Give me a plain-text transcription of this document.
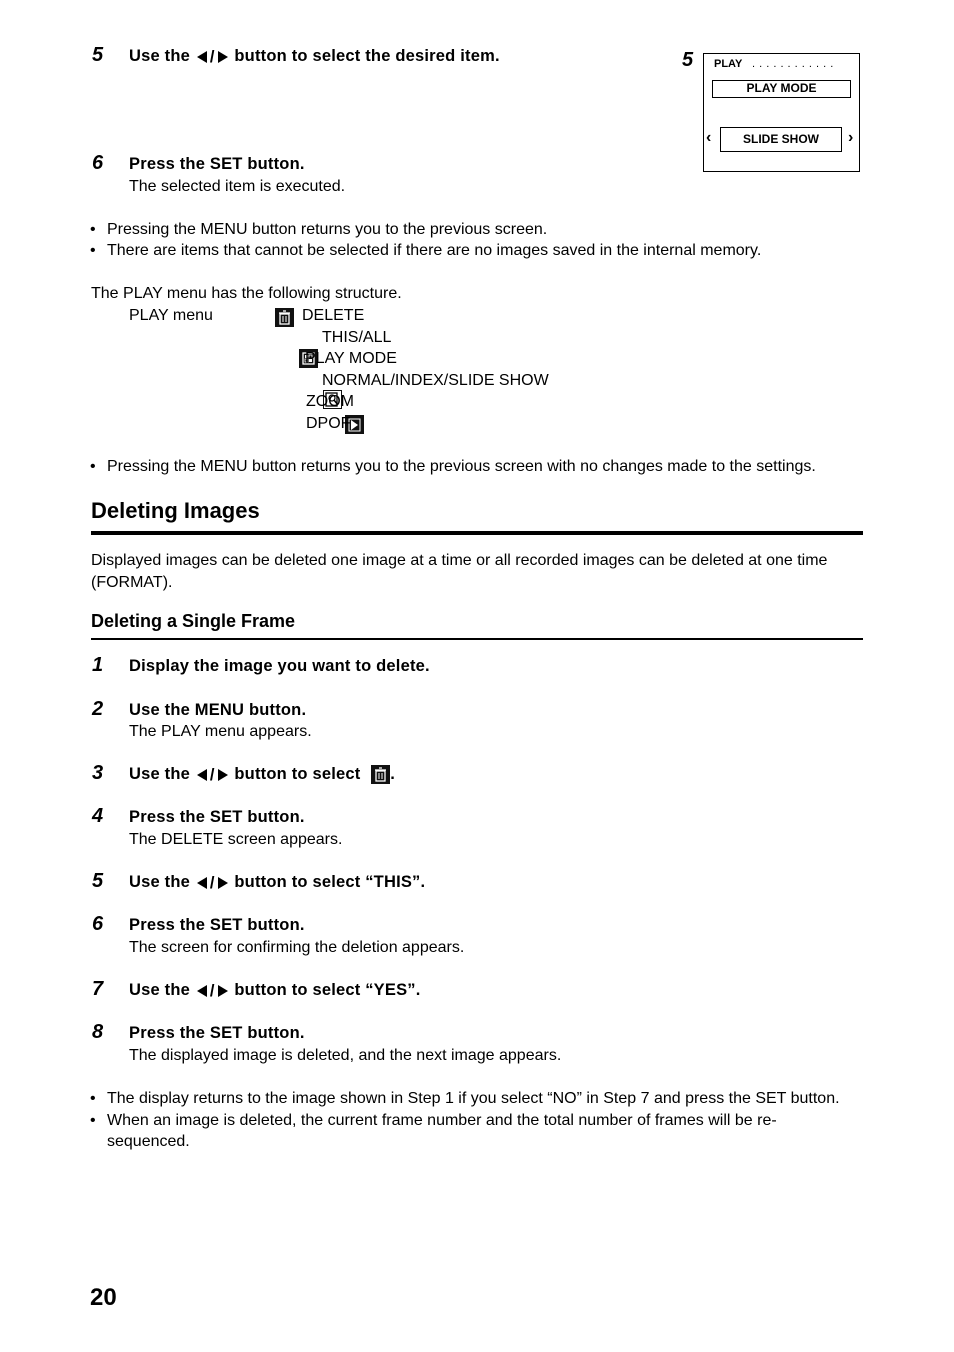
5 Use the / button to select the desired item.
6 Press the SET button.
The selected item is executed.
5 PLAY . . . . . . . . . . . .
PLAY MODE
‹	SLIDE SHOW	›
• Pressing the MENU button returns you to the previous screen.
• There are items that cannot be selected if there are no images saved in the internal memory.
The PLAY menu has the following structure.
PLAY menu
	DELETE
THIS/ALL

PLAY MODE
NORMAL/INDEX/SLIDE SHOW

ZOOM
DPOF
• Pressing the MENU button returns you to the previous screen with no changes made to the settings.
Deleting Images
Displayed images can be deleted one image at a time or all recorded images can be deleted at one time (FORMAT).
Deleting a Single Frame
1 Display the image you want to delete.
2 Use the MENU button.
The PLAY menu appears.
3 Use the / button to select .
4 Press the SET button.
The DELETE screen appears.
5 Use the / button to select “THIS”.
6 Press the SET button.
The screen for confirming the deletion appears.
7 Use the / button to select “YES”.
8 Press the SET button.
The displayed image is deleted, and the next image appears.
• The display returns to the image shown in Step 1 if you select “NO” in Step 7 and press the SET button.
• When an image is deleted, the current frame number and the total number of frames will be re-sequenced.
20
